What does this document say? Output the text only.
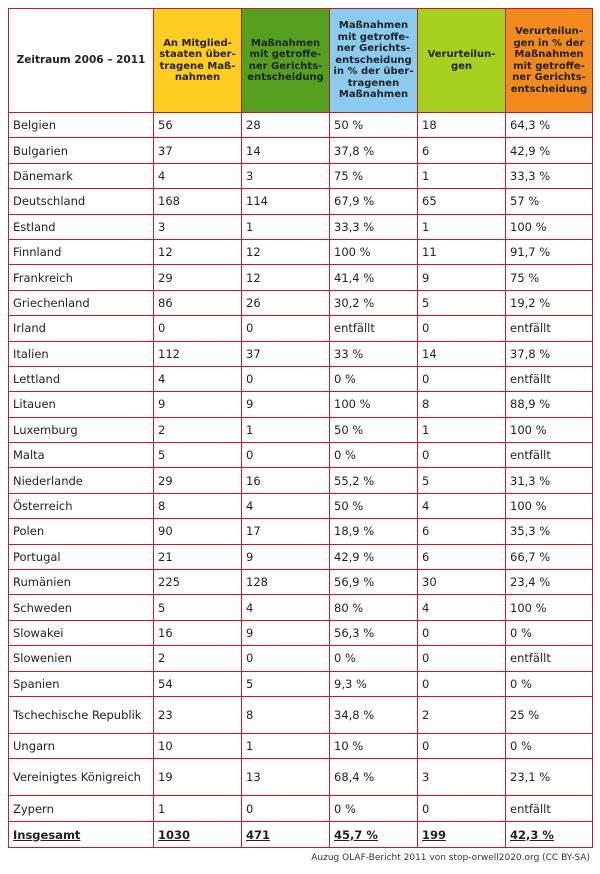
Zeitraum 2006 – 2011	An Mitglied-staaten über-tragene Maß-nahmen	Maßnahmen mit getroffe-ner Gerichts-entscheidung	Maßnahmen mit getroffe-ner Gerichts-entscheidung in % der über-tragenen Maßnahmen	Verurteilun-gen	Verurteilun-gen in % der Maßnahmen mit getroffe-ner Gerichts-entscheidung
Belgien	56	28	50 %	18	64,3 %
Bulgarien	37	14	37,8 %	6	42,9 %
Dänemark	4	3	75 %	1	33,3 %
Deutschland	168	114	67,9 %	65	57 %
Estland	3	1	33,3 %	1	100 %
Finnland	12	12	100 %	11	91,7 %
Frankreich	29	12	41,4 %	9	75 %
Griechenland	86	26	30,2 %	5	19,2 %
Irland	0	0	entfällt	0	entfällt
Italien	112	37	33 %	14	37,8 %
Lettland	4	0	0 %	0	entfällt
Litauen	9	9	100 %	8	88,9 %
Luxemburg	2	1	50 %	1	100 %
Malta	5	0	0 %	0	entfällt
Niederlande	29	16	55,2 %	5	31,3 %
Österreich	8	4	50 %	4	100 %
Polen	90	17	18,9 %	6	35,3 %
Portugal	21	9	42,9 %	6	66,7 %
Rumänien	225	128	56,9 %	30	23,4 %
Schweden	5	4	80 %	4	100 %
Slowakei	16	9	56,3 %	0	0 %
Slowenien	2	0	0 %	0	entfällt
Spanien	54	5	9,3 %	0	0 %
Tschechische Republik	23	8	34,8 %	2	25 %
Ungarn	10	1	10 %	0	0 %
Vereinigtes Königreich	19	13	68,4 %	3	23,1 %
Zypern	1	0	0 %	0	entfällt
Insgesamt	1030	471	45,7 %	199	42,3 %
Auzug OLAF-Bericht 2011 von stop-orwell2020.org (CC BY-SA)
